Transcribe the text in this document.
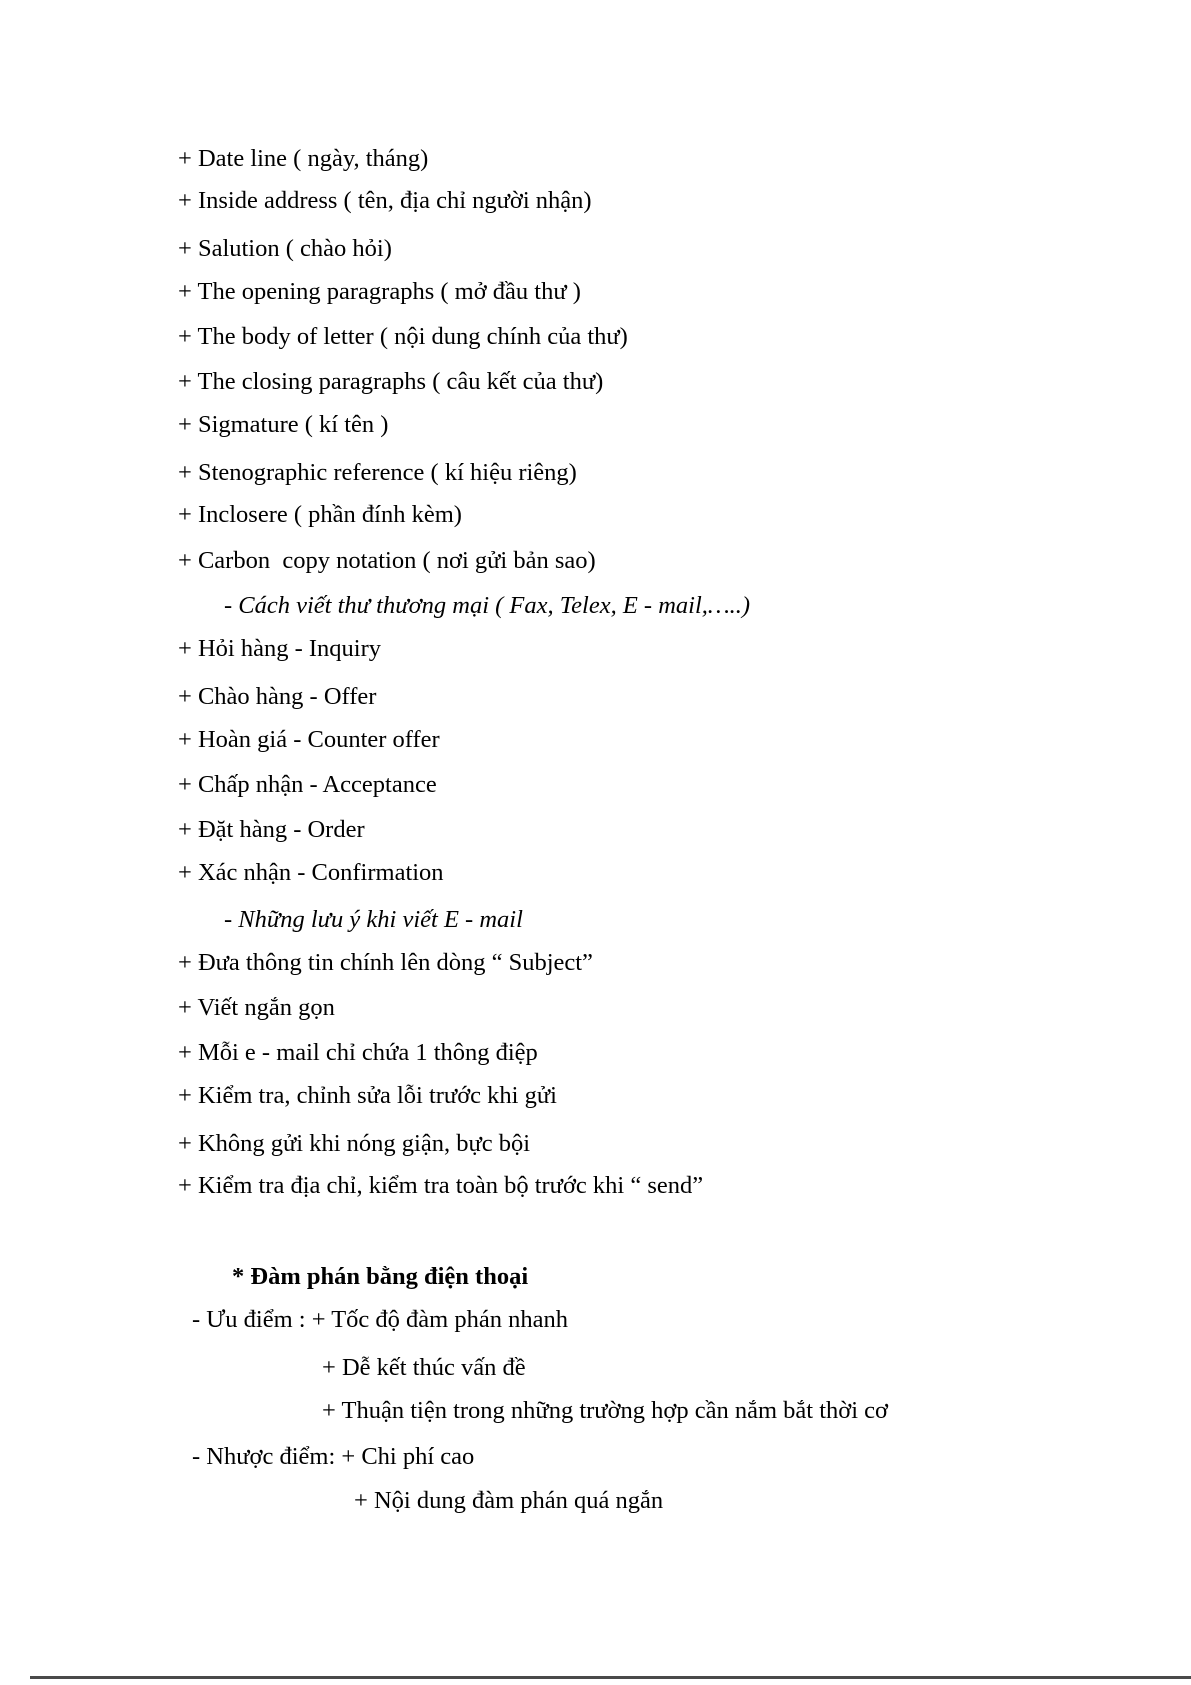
+ Date line ( ngày, tháng)
+ Inside address ( tên, địa chỉ người nhận)
+ Salution ( chào hỏi)
+ The opening paragraphs ( mở đầu thư )
+ The body of letter ( nội dung chính của thư)
+ The closing paragraphs ( câu kết của thư)
+ Sigmature ( kí tên )
+ Stenographic reference ( kí hiệu riêng)
+ Inclosere ( phần đính kèm)
+ Carbon  copy notation ( nơi gửi bản sao)
- Cách viết thư thương mại ( Fax, Telex, E - mail,…..)
+ Hỏi hàng - Inquiry
+ Chào hàng - Offer
+ Hoàn giá - Counter offer
+ Chấp nhận - Acceptance
+ Đặt hàng - Order
+ Xác nhận - Confirmation
- Những lưu ý khi viết E - mail
+ Đưa thông tin chính lên dòng “ Subject”
+ Viết ngắn gọn
+ Mỗi e - mail chỉ chứa 1 thông điệp
+ Kiểm tra, chỉnh sửa lỗi trước khi gửi
+ Không gửi khi nóng giận, bực bội
+ Kiểm tra địa chỉ, kiểm tra toàn bộ trước khi “ send”
* Đàm phán bằng điện thoại
- Ưu điểm : + Tốc độ đàm phán nhanh
+ Dễ kết thúc vấn đề
+ Thuận tiện trong những trường hợp cần nắm bắt thời cơ
- Nhược điểm: + Chi phí cao
+ Nội dung đàm phán quá ngắn
